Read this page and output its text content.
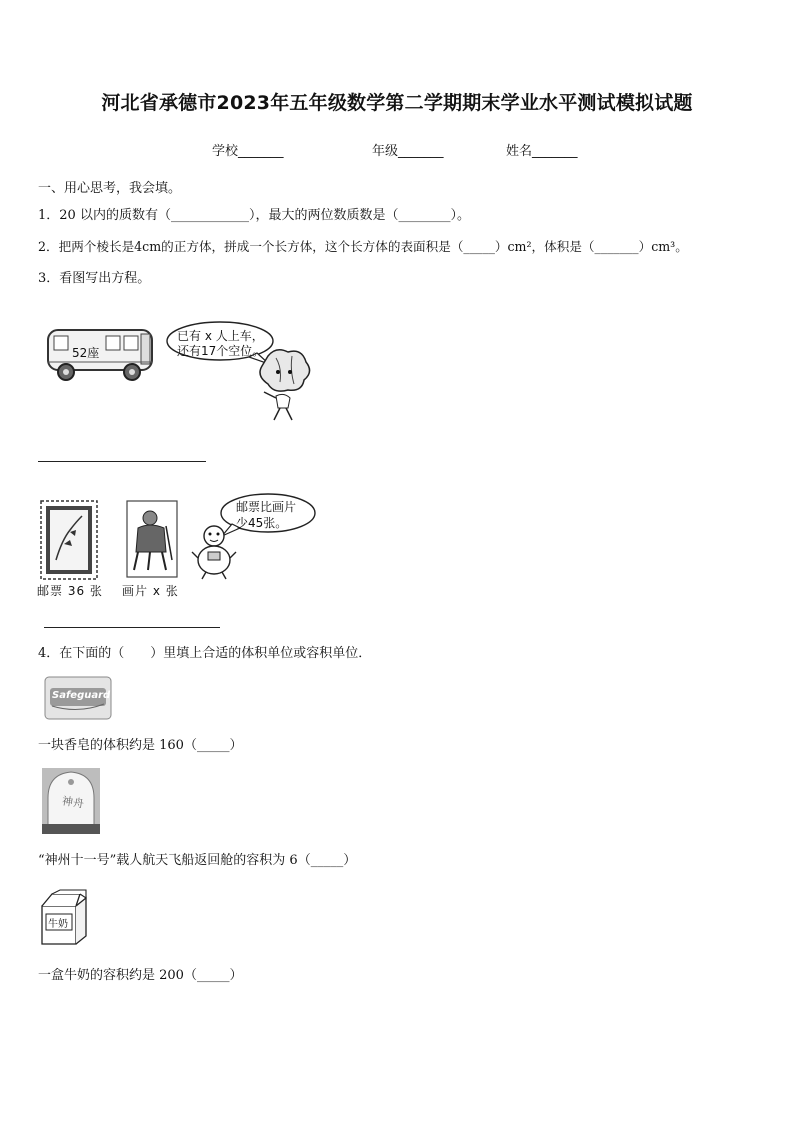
河北省承德市2023年五年级数学第二学期期末学业水平测试模拟试题
学校_______	年级_______	姓名_______
一、用心思考，我会填。
1．20 以内的质数有（____________），最大的两位数质数是（________）。
2．把两个棱长是4cm的正方体，拼成一个长方体，这个长方体的表面积是（_____）cm²，体积是（_______）cm³。
3．看图写出方程。
52座
已有 x 人上车，
还有17个空位。
邮票 36 张 画片 x 张
邮票比画片
少45张。
4．在下面的（　　）里填上合适的体积单位或容积单位．
Safeguard
一块香皂的体积约是 160（_____）
神舟
“神州十一号”载人航天飞船返回舱的容积为 6（_____）
牛奶
一盒牛奶的容积约是 200（_____）
